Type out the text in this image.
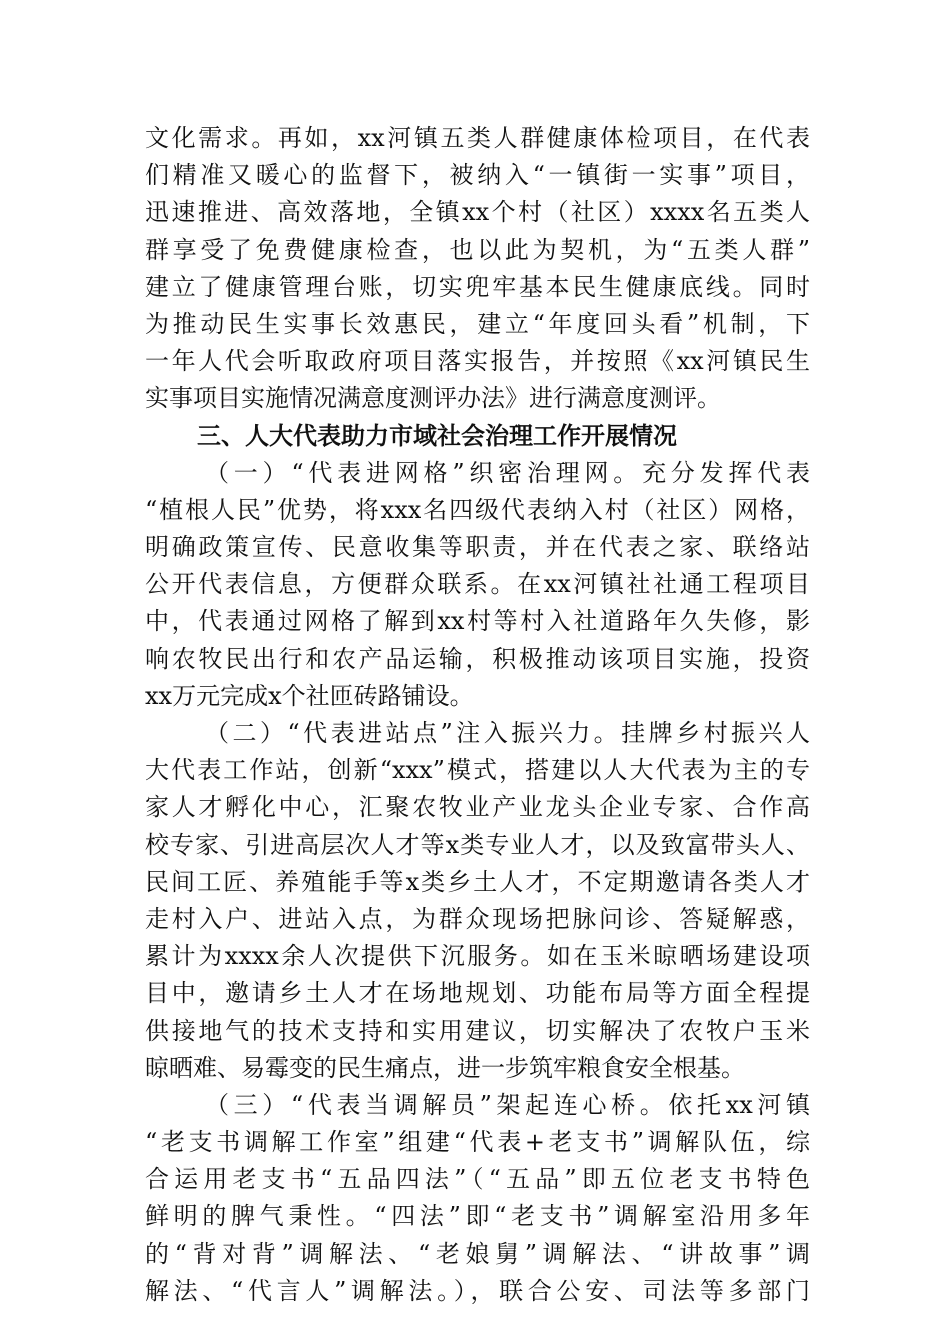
文化需求。再如，xx河镇五类人群健康体检项目，在代表
们精准又暖心的监督下，被纳入“一镇街一实事”项目，
迅速推进、高效落地，全镇xx个村（社区）xxxx名五类人
群享受了免费健康检查，也以此为契机，为“五类人群”
建立了健康管理台账，切实兜牢基本民生健康底线。同时
为推动民生实事长效惠民，建立“年度回头看”机制，下
一年人代会听取政府项目落实报告，并按照《xx河镇民生
实事项目实施情况满意度测评办法》进行满意度测评。
三、人大代表助力市域社会治理工作开展情况
（一）“代表进网格”织密治理网。充分发挥代表
“植根人民”优势，将xxx名四级代表纳入村（社区）网格，
明确政策宣传、民意收集等职责，并在代表之家、联络站
公开代表信息，方便群众联系。在xx河镇社社通工程项目
中，代表通过网格了解到xx村等村入社道路年久失修，影
响农牧民出行和农产品运输，积极推动该项目实施，投资
xx万元完成x个社匝砖路铺设。
（二）“代表进站点”注入振兴力。挂牌乡村振兴人
大代表工作站，创新“xxx”模式，搭建以人大代表为主的专
家人才孵化中心，汇聚农牧业产业龙头企业专家、合作高
校专家、引进高层次人才等x类专业人才，以及致富带头人、
民间工匠、养殖能手等x类乡土人才，不定期邀请各类人才
走村入户、进站入点，为群众现场把脉问诊、答疑解惑，
累计为xxxx余人次提供下沉服务。如在玉米晾晒场建设项
目中，邀请乡土人才在场地规划、功能布局等方面全程提
供接地气的技术支持和实用建议，切实解决了农牧户玉米
晾晒难、易霉变的民生痛点，进一步筑牢粮食安全根基。
（三）“代表当调解员”架起连心桥。依托xx河镇
“老支书调解工作室”组建“代表+老支书”调解队伍，综
合运用老支书“五品四法”（“五品”即五位老支书特色
鲜明的脾气秉性。“四法”即“老支书”调解室沿用多年
的“背对背”调解法、“老娘舅”调解法、“讲故事”调
解法、“代言人”调解法。），联合公安、司法等多部门
